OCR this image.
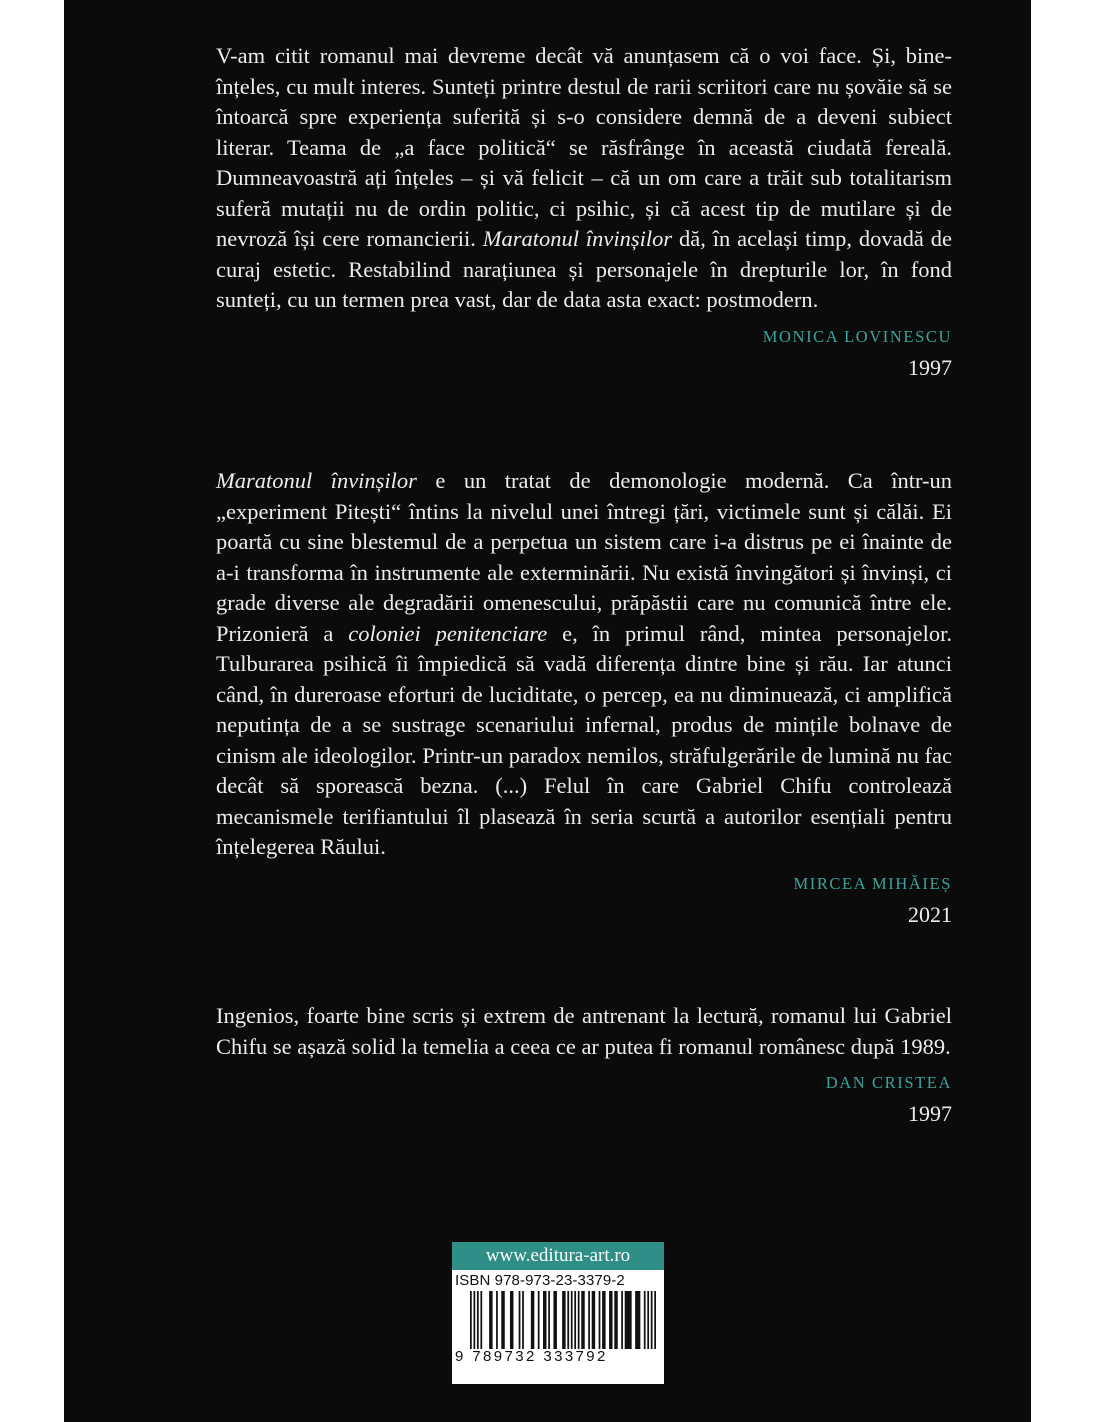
V-am citit romanul mai devreme decât vă anunțasem că o voi face. Și, bine-înțeles, cu mult interes. Sunteți printre destul de rarii scriitori care nu șovăie să se întoarcă spre experiența suferită și s-o considere demnă de a deveni subiect literar. Teama de „a face politică“ se răsfrânge în această ciudată fereală. Dumneavoastră ați înțeles – și vă felicit – că un om care a trăit sub totalitarism suferă mutații nu de ordin politic, ci psihic, și că acest tip de mutilare și de nevroză își cere romancierii. Maratonul învinșilor dă, în același timp, dovadă de curaj estetic. Restabilind narațiunea și personajele în drepturile lor, în fond sunteți, cu un termen prea vast, dar de data asta exact: postmodern.

MONICA LOVINESCU
1997

Maratonul învinșilor e un tratat de demonologie modernă. Ca într-un „experiment Pitești“ întins la nivelul unei întregi țări, victimele sunt și călăi. Ei poartă cu sine blestemul de a perpetua un sistem care i-a distrus pe ei înainte de a-i transforma în instrumente ale exterminării. Nu există învingători și învinși, ci grade diverse ale degradării omenescului, prăpăstii care nu comunică între ele. Prizonieră a coloniei penitenciare e, în primul rând, mintea personajelor. Tulburarea psihică îi împiedică să vadă diferența dintre bine și rău. Iar atunci când, în dureroase eforturi de luciditate, o percep, ea nu diminuează, ci amplifică neputința de a se sustrage scenariului infernal, produs de mințile bolnave de cinism ale ideologilor. Printr-un paradox nemilos, străfulgerările de lumină nu fac decât să sporească bezna. (...) Felul în care Gabriel Chifu controlează mecanismele terifiantului îl plasează în seria scurtă a autorilor esențiali pentru înțelegerea Răului.

MIRCEA MIHĂIEȘ
2021

Ingenios, foarte bine scris și extrem de antrenant la lectură, romanul lui Gabriel Chifu se așază solid la temelia a ceea ce ar putea fi romanul românesc după 1989.

DAN CRISTEA
1997
www.editura-art.ro
ISBN 978-973-23-3379-2
9 789732 333792
